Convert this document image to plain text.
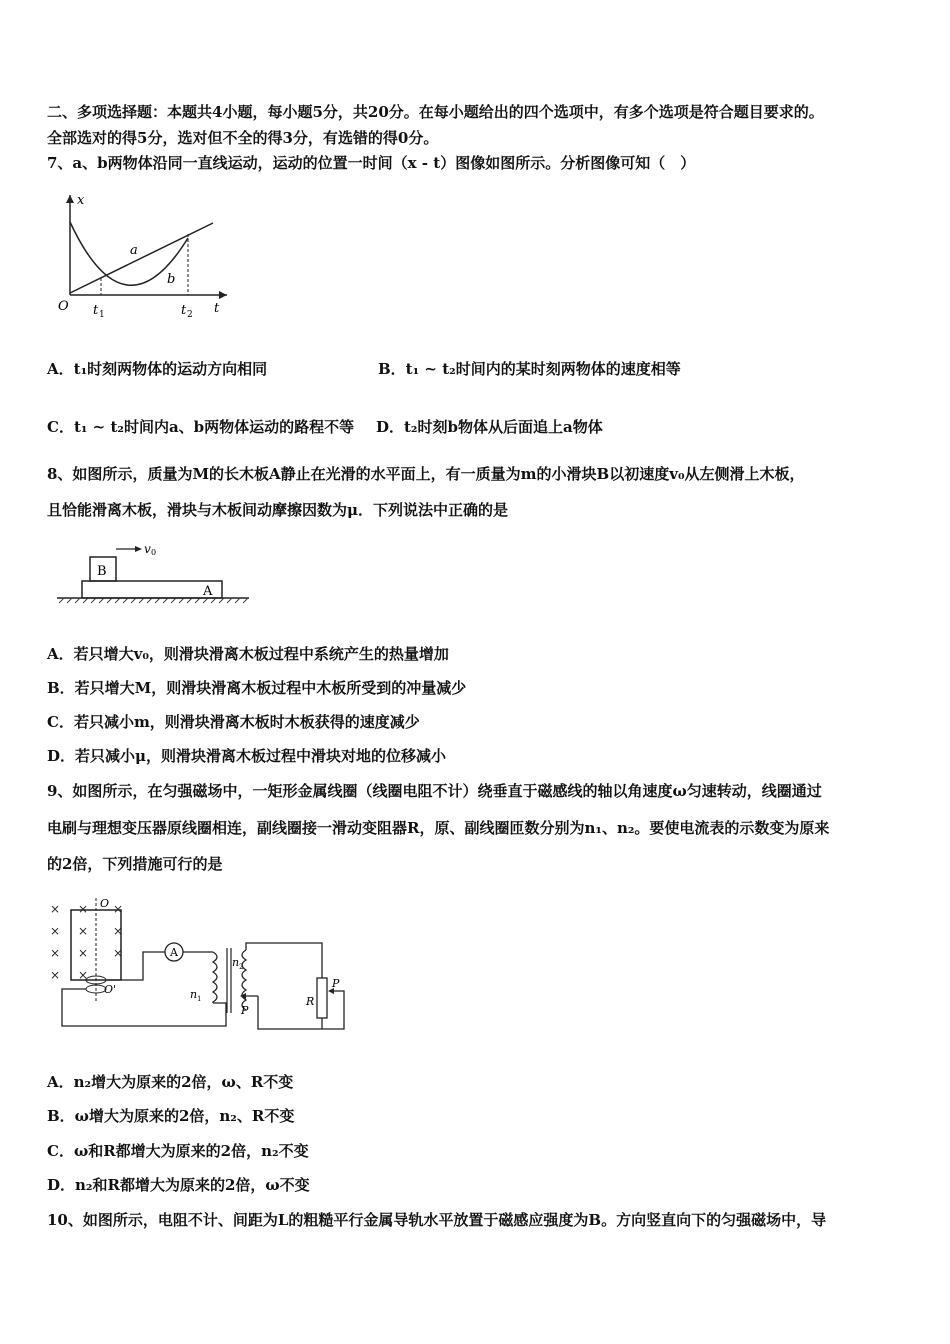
二、多项选择题：本题共4小题，每小题5分，共20分。在每小题给出的四个选项中，有多个选项是符合题目要求的。
全部选对的得5分，选对但不全的得3分，有选错的得0分。
7、a、b两物体沿同一直线运动，运动的位置一时间（x - t）图像如图所示。分析图像可知（　）
x
t
O t 1	t 2
a
b
A．t₁时刻两物体的运动方向相同	B．t₁ ~ t₂时间内的某时刻两物体的速度相等
C．t₁ ~ t₂时间内a、b两物体运动的路程不等 D．t₂时刻b物体从后面追上a物体
8、如图所示，质量为M的长木板A静止在光滑的水平面上，有一质量为m的小滑块B以初速度v₀从左侧滑上木板，
且恰能滑离木板，滑块与木板间动摩擦因数为μ．下列说法中正确的是
B
A
v 0
A．若只增大v₀，则滑块滑离木板过程中系统产生的热量增加
B．若只增大M，则滑块滑离木板过程中木板所受到的冲量减少
C．若只减小m，则滑块滑离木板时木板获得的速度减少
D．若只减小μ，则滑块滑离木板过程中滑块对地的位移减小
9、如图所示，在匀强磁场中，一矩形金属线圈（线圈电阻不计）绕垂直于磁感线的轴以角速度ω匀速转动，线圈通过
电刷与理想变压器原线圈相连，副线圈接一滑动变阻器R，原、副线圈匝数分别为n₁、n₂。要使电流表的示数变为原来
的2倍，下列措施可行的是
×
×
×
×
×
×
×
×
×
×
×
O
O'
A
n 1
n 2
P
R
P
A．n₂增大为原来的2倍，ω、R不变
B．ω增大为原来的2倍，n₂、R不变
C．ω和R都增大为原来的2倍，n₂不变
D．n₂和R都增大为原来的2倍，ω不变
10、如图所示，电阻不计、间距为L的粗糙平行金属导轨水平放置于磁感应强度为B。方向竖直向下的匀强磁场中，导
